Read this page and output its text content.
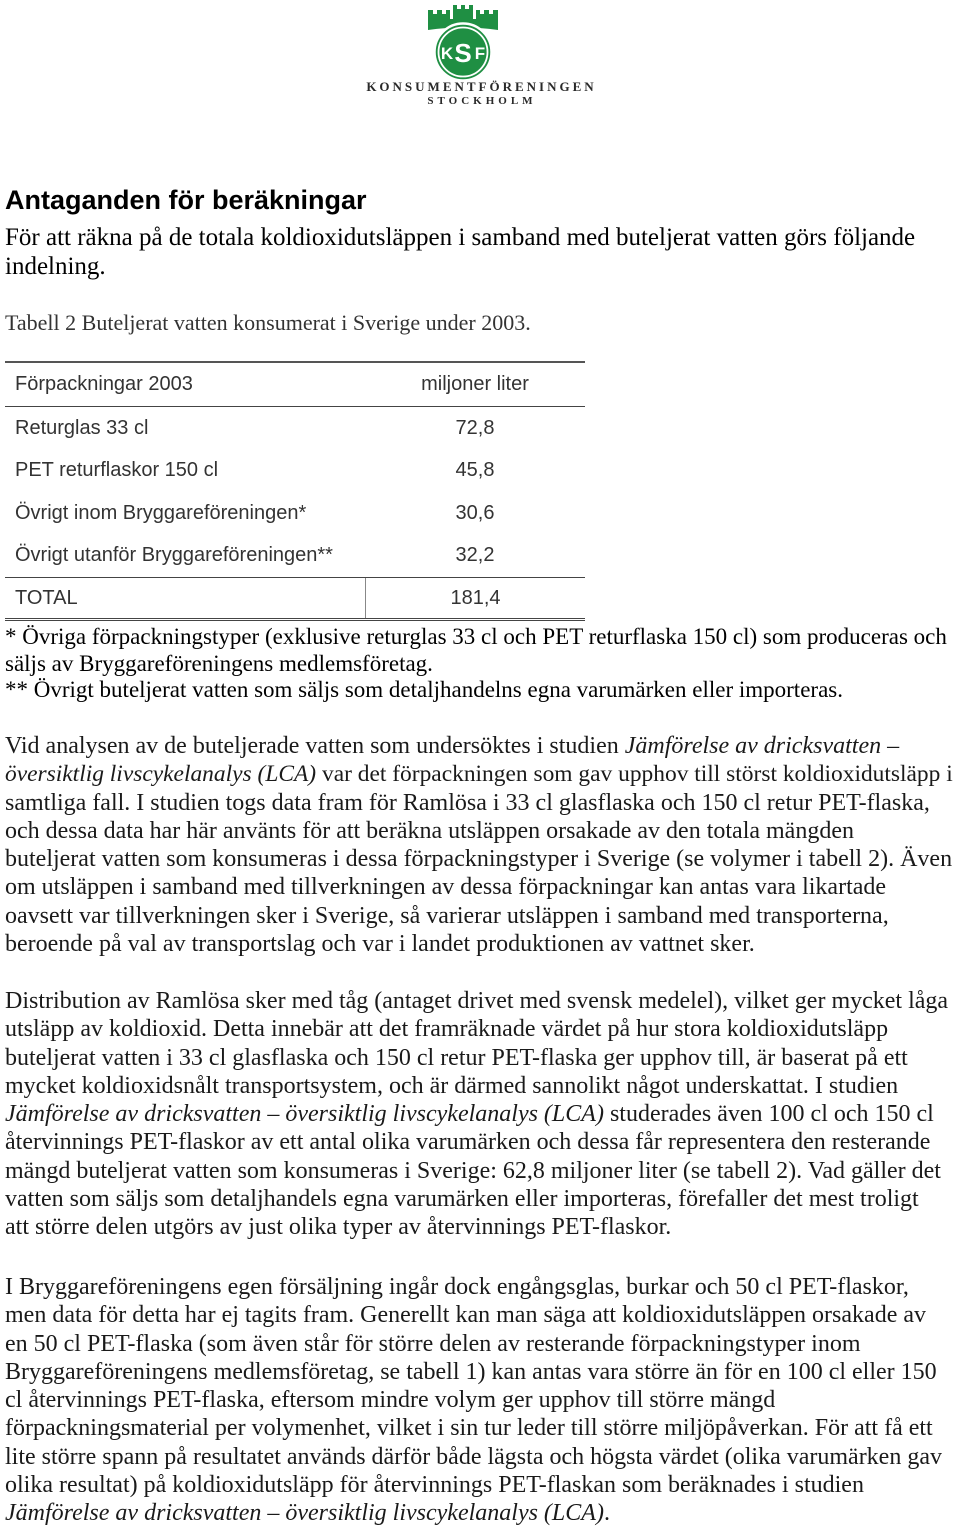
K S F
KONSUMENTFÖRENINGEN
STOCKHOLM
Antaganden för beräkningar
För att räkna på de totala koldioxidutsläppen i samband med buteljerat vatten görs följande
indelning.
Tabell 2 Buteljerat vatten konsumerat i Sverige under 2003.
Förpackningar 2003	miljoner liter
Returglas 33 cl	72,8
PET returflaskor 150 cl	45,8
Övrigt inom Bryggareföreningen*	30,6
Övrigt utanför Bryggareföreningen**	32,2
TOTAL	181,4
* Övriga förpackningstyper (exklusive returglas 33 cl och PET returflaska 150 cl) som produceras och
säljs av Bryggareföreningens medlemsföretag.
** Övrigt buteljerat vatten som säljs som detaljhandelns egna varumärken eller importeras.
Vid analysen av de buteljerade vatten som undersöktes i studien Jämförelse av dricksvatten –
översiktlig livscykelanalys (LCA) var det förpackningen som gav upphov till störst koldioxidutsläpp i
samtliga fall. I studien togs data fram för Ramlösa i 33 cl glasflaska och 150 cl retur PET-flaska,
och dessa data har här använts för att beräkna utsläppen orsakade av den totala mängden
buteljerat vatten som konsumeras i dessa förpackningstyper i Sverige (se volymer i tabell 2). Även
om utsläppen i samband med tillverkningen av dessa förpackningar kan antas vara likartade
oavsett var tillverkningen sker i Sverige, så varierar utsläppen i samband med transporterna,
beroende på val av transportslag och var i landet produktionen av vattnet sker.
Distribution av Ramlösa sker med tåg (antaget drivet med svensk medelel), vilket ger mycket låga
utsläpp av koldioxid. Detta innebär att det framräknade värdet på hur stora koldioxidutsläpp
buteljerat vatten i 33 cl glasflaska och 150 cl retur PET-flaska ger upphov till, är baserat på ett
mycket koldioxidsnålt transportsystem, och är därmed sannolikt något underskattat. I studien
Jämförelse av dricksvatten – översiktlig livscykelanalys (LCA) studerades även 100 cl och 150 cl
återvinnings PET-flaskor av ett antal olika varumärken och dessa får representera den resterande
mängd buteljerat vatten som konsumeras i Sverige: 62,8 miljoner liter (se tabell 2). Vad gäller det
vatten som säljs som detaljhandels egna varumärken eller importeras, förefaller det mest troligt
att större delen utgörs av just olika typer av återvinnings PET-flaskor.
I Bryggareföreningens egen försäljning ingår dock engångsglas, burkar och 50 cl PET-flaskor,
men data för detta har ej tagits fram. Generellt kan man säga att koldioxidutsläppen orsakade av
en 50 cl PET-flaska (som även står för större delen av resterande förpackningstyper inom
Bryggareföreningens medlemsföretag, se tabell 1) kan antas vara större än för en 100 cl eller 150
cl återvinnings PET-flaska, eftersom mindre volym ger upphov till större mängd
förpackningsmaterial per volymenhet, vilket i sin tur leder till större miljöpåverkan. För att få ett
lite större spann på resultatet används därför både lägsta och högsta värdet (olika varumärken gav
olika resultat) på koldioxidutsläpp för återvinnings PET-flaskan som beräknades i studien
Jämförelse av dricksvatten – översiktlig livscykelanalys (LCA).
